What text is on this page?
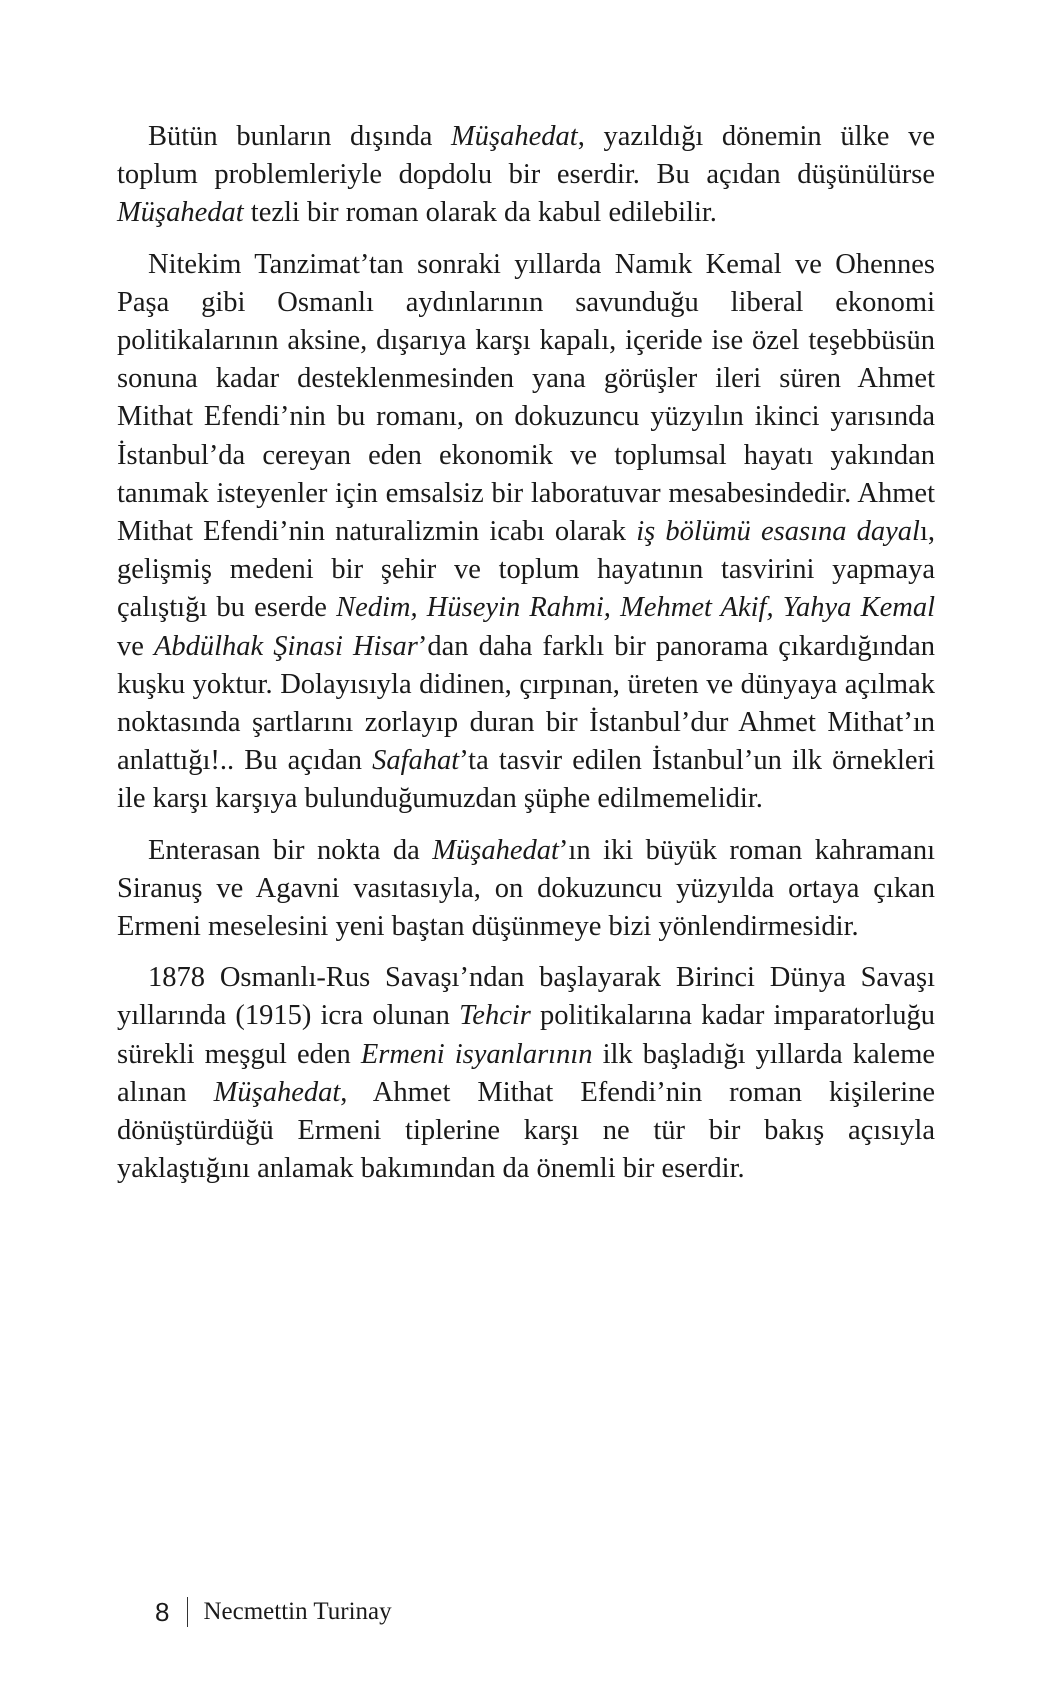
Bütün bunların dışında Müşahedat, yazıldığı dönemin ülke ve toplum problemleriyle dopdolu bir eserdir. Bu açıdan düşünülürse Müşahedat tezli bir roman olarak da kabul edilebilir.

Nitekim Tanzimat’tan sonraki yıllarda Namık Kemal ve Ohennes Paşa gibi Osmanlı aydınlarının savunduğu liberal ekonomi politikalarının aksine, dışarıya karşı kapalı, içeride ise özel teşebbüsün sonuna kadar desteklenmesinden yana görüşler ileri süren Ahmet Mithat Efendi’nin bu romanı, on dokuzuncu yüzyılın ikinci yarısında İstanbul’da cereyan eden ekonomik ve toplumsal hayatı yakından tanımak isteyenler için emsalsiz bir laboratuvar mesabesindedir. Ahmet Mithat Efendi’nin naturalizmin icabı olarak iş bölümü esasına dayalı, gelişmiş medeni bir şehir ve toplum hayatının tasvirini yapmaya çalıştığı bu eserde Nedim, Hüseyin Rahmi, Mehmet Akif, Yahya Kemal ve Abdülhak Şinasi Hisar’dan daha farklı bir panorama çıkardığından kuşku yoktur. Dolayısıyla didinen, çırpınan, üreten ve dünyaya açılmak noktasında şartlarını zorlayıp duran bir İstanbul’dur Ahmet Mithat’ın anlattığı!.. Bu açıdan Safahat’ta tasvir edilen İstanbul’un ilk örnekleri ile karşı karşıya bulunduğumuzdan şüphe edilmemelidir.

Enterasan bir nokta da Müşahedat’ın iki büyük roman kahramanı Siranuş ve Agavni vasıtasıyla, on dokuzuncu yüzyılda ortaya çıkan Ermeni meselesini yeni baştan düşünmeye bizi yönlendirmesidir.

1878 Osmanlı-Rus Savaşı’ndan başlayarak Birinci Dünya Savaşı yıllarında (1915) icra olunan Tehcir politikalarına kadar imparatorluğu sürekli meşgul eden Ermeni isyanlarının ilk başladığı yıllarda kaleme alınan Müşahedat, Ahmet Mithat Efendi’nin roman kişilerine dönüştürdüğü Ermeni tiplerine karşı ne tür bir bakış açısıyla yaklaştığını anlamak bakımından da önemli bir eserdir.

8 Necmettin Turinay
